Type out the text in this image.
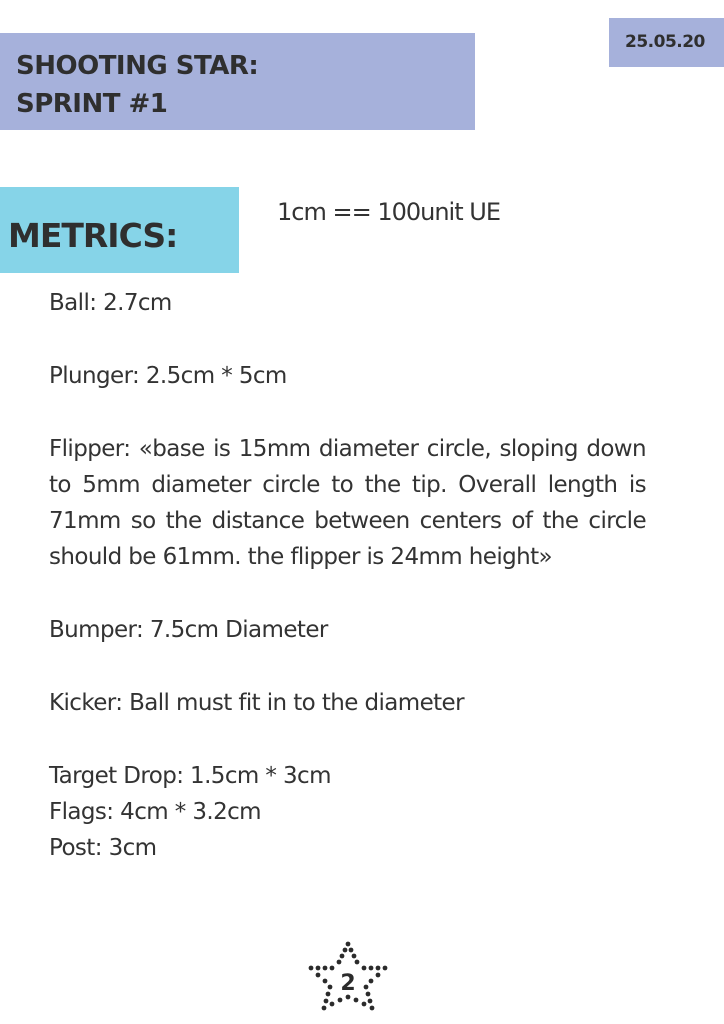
SHOOTING STAR:
SPRINT #1
25.05.20
METRICS:
1cm == 100unit UE
Ball: 2.7cm
Plunger: 2.5cm * 5cm
Flipper: «base is 15mm diameter circle, sloping down
to 5mm diameter circle to the tip. Overall length is
71mm so the distance between centers of the circle
should be 61mm. the flipper is 24mm height»
Bumper: 7.5cm Diameter
Kicker: Ball must fit in to the diameter
Target Drop: 1.5cm * 3cm
Flags: 4cm * 3.2cm
Post: 3cm
2
